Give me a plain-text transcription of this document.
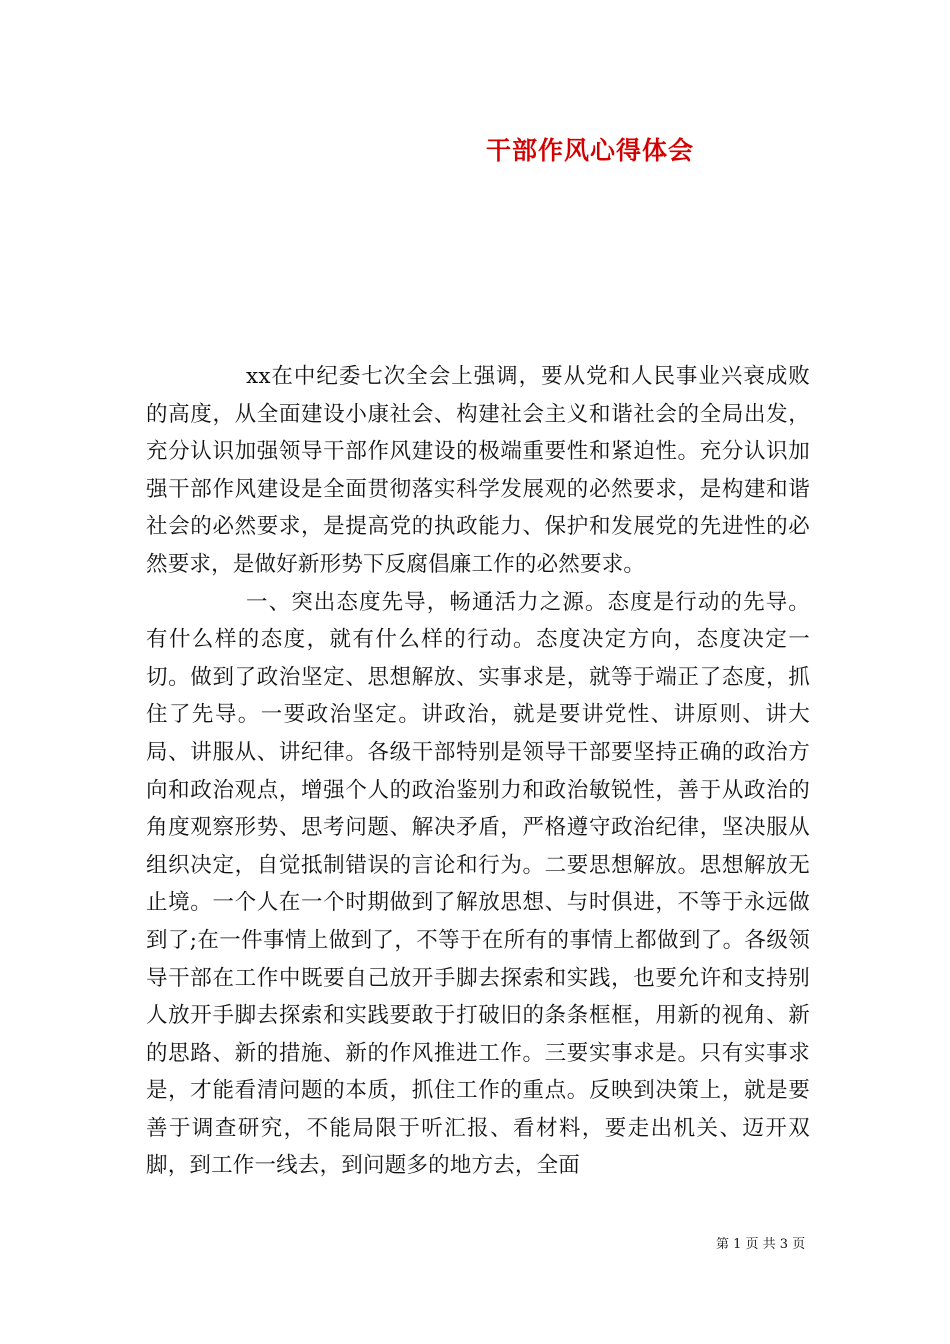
干部作风心得体会

xx在中纪委七次全会上强调，要从党和人民事业兴衰成败的高度，从全面建设小康社会、构建社会主义和谐社会的全局出发，充分认识加强领导干部作风建设的极端重要性和紧迫性。充分认识加强干部作风建设是全面贯彻落实科学发展观的必然要求，是构建和谐社会的必然要求，是提高党的执政能力、保护和发展党的先进性的必然要求，是做好新形势下反腐倡廉工作的必然要求。

一、突出态度先导，畅通活力之源。态度是行动的先导。有什么样的态度，就有什么样的行动。态度决定方向，态度决定一切。做到了政治坚定、思想解放、实事求是，就等于端正了态度，抓住了先导。一要政治坚定。讲政治，就是要讲党性、讲原则、讲大局、讲服从、讲纪律。各级干部特别是领导干部要坚持正确的政治方向和政治观点，增强个人的政治鉴别力和政治敏锐性，善于从政治的角度观察形势、思考问题、解决矛盾，严格遵守政治纪律，坚决服从组织决定，自觉抵制错误的言论和行为。二要思想解放。思想解放无止境。一个人在一个时期做到了解放思想、与时俱进，不等于永远做到了;在一件事情上做到了，不等于在所有的事情上都做到了。各级领导干部在工作中既要自己放开手脚去探索和实践，也要允许和支持别人放开手脚去探索和实践要敢于打破旧的条条框框，用新的视角、新的思路、新的措施、新的作风推进工作。三要实事求是。只有实事求是，才能看清问题的本质，抓住工作的重点。反映到决策上，就是要善于调查研究，不能局限于听汇报、看材料，要走出机关、迈开双脚，到工作一线去，到问题多的地方去，全面

第 1 页 共 3 页
